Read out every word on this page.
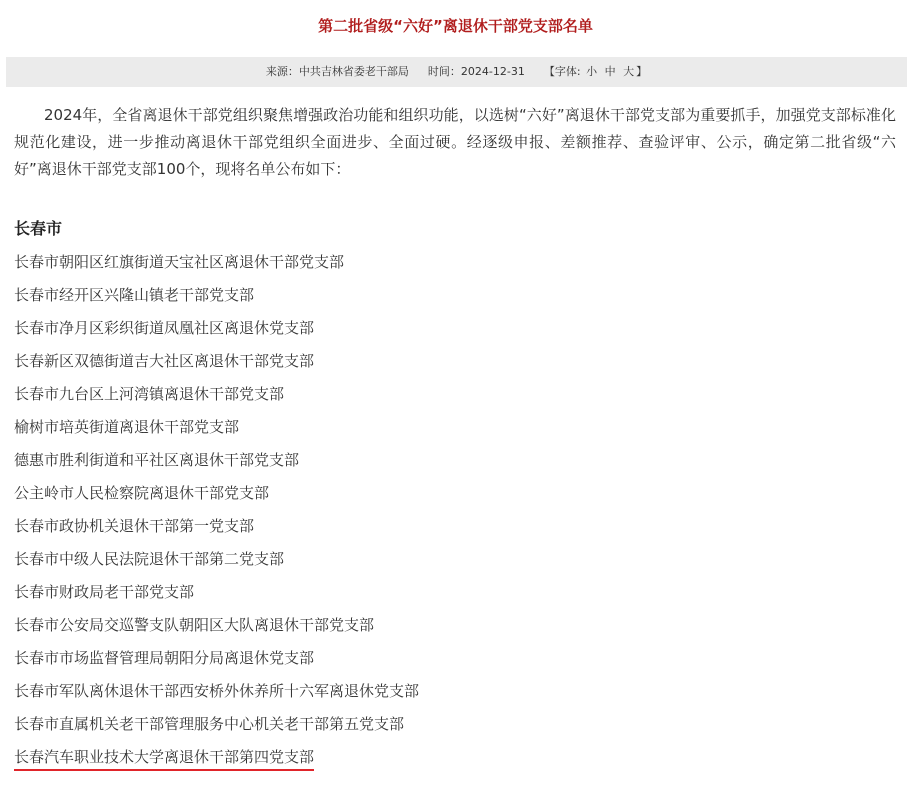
第二批省级“六好”离退休干部党支部名单
来源：中共吉林省委老干部局 时间：2024-12-31 【字体: 小 中 大 】

2024年，全省离退休干部党组织聚焦增强政治功能和组织功能，以选树“六好”离退休干部党支部为重要抓手，加强党支部标准化规范化建设，进一步推动离退休干部党组织全面进步、全面过硬。经逐级申报、差额推荐、查验评审、公示，确定第二批省级“六好”离退休干部党支部100个，现将名单公布如下：

长春市
长春市朝阳区红旗街道天宝社区离退休干部党支部
长春市经开区兴隆山镇老干部党支部
长春市净月区彩织街道凤凰社区离退休党支部
长春新区双德街道吉大社区离退休干部党支部
长春市九台区上河湾镇离退休干部党支部
榆树市培英街道离退休干部党支部
德惠市胜利街道和平社区离退休干部党支部
公主岭市人民检察院离退休干部党支部
长春市政协机关退休干部第一党支部
长春市中级人民法院退休干部第二党支部
长春市财政局老干部党支部
长春市公安局交巡警支队朝阳区大队离退休干部党支部
长春市市场监督管理局朝阳分局离退休党支部
长春市军队离休退休干部西安桥外休养所十六军离退休党支部
长春市直属机关老干部管理服务中心机关老干部第五党支部
长春汽车职业技术大学离退休干部第四党支部
